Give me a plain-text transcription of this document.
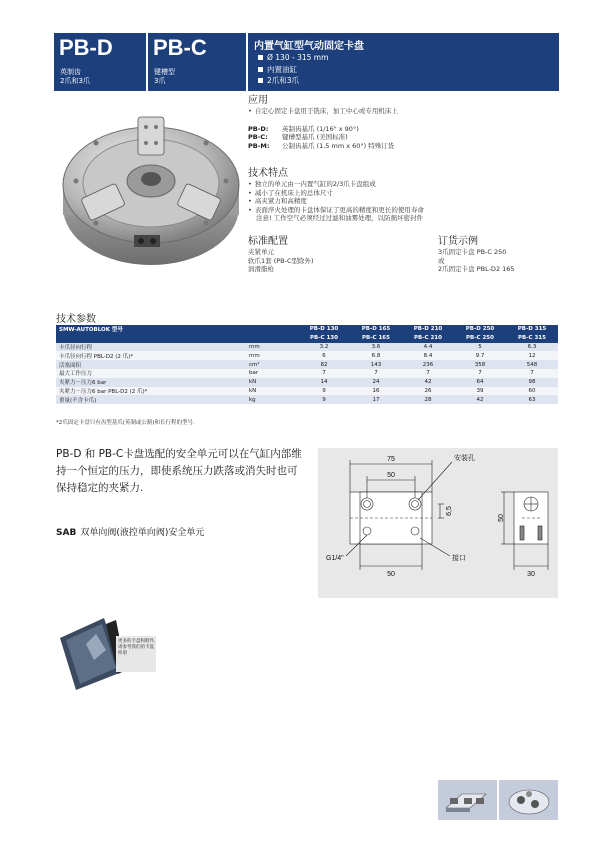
PB-D
英制齿
2爪和3爪
PB-C
键槽型
3爪
内置气缸型气动固定卡盘
Ø 130 - 315 mm
内置油缸
2爪和3爪
应用
• 自定心固定卡盘用于铣床，加工中心或专用机床上
PB-D:	英制齿基爪 (1/16" x 90°)
PB-C:	键槽型基爪 (美国标准)
PB-M:	公制齿基爪 (1.5 mm x 60°) 特殊订货
技术特点
• 独立的单元由一内置气缸的2/3爪卡盘组成
• 减小了在机床上的总体尺寸
• 高夹紧力和高精度
• 表面淬火处理的卡盘体保证了更高的精度和更长的使用寿命
注意! 工作空气必须经过过滤和油雾处理，以防损坏密封件
标准配置
夹紧单元
软爪1套 (PB-C型除外)
润滑脂枪
订货示例
3爪固定卡盘 PB-C 250
或
2爪固定卡盘 PBL-D2 165
技术参数
SMW-AUTOBLOK 型号		PB-D 130	PB-D 165	PB-D 210	PB-D 250	PB-D 315
		PB-C 130	PB-C 165	PB-C 210	PB-C 250	PB-C 315
卡爪径向行程	mm	3.2	3.6	4.4	5	6.3
卡爪径向行程 PBL-D2 (2 爪)*	mm	6	6.8	8.4	9.7	12
活塞面积	cm²	82	143	236	358	548
最大工作压力	bar	7	7	7	7	7
夹紧力－压力6 bar	kN	14	24	42	64	98
夹紧力－压力6 bar PBL-D2 (2 爪)*	kN	9	16	26	39	60
重量(不含卡爪)	kg	9	17	28	42	63
*2爪固定卡盘只有齿型基爪(英制或公制)和长行程的型号.
PB-D 和 PB-C卡盘选配的安全单元可以在气缸内部维持一个恒定的压力，即使系统压力跌落或消失时也可保持稳定的夹紧力.
SAB 双单向阀(液控单向阀)安全单元
75
50
50
6,5
50
30
G1/4"
安装孔
接口
更多的卡盘和附件,请参考我们的卡盘样册
